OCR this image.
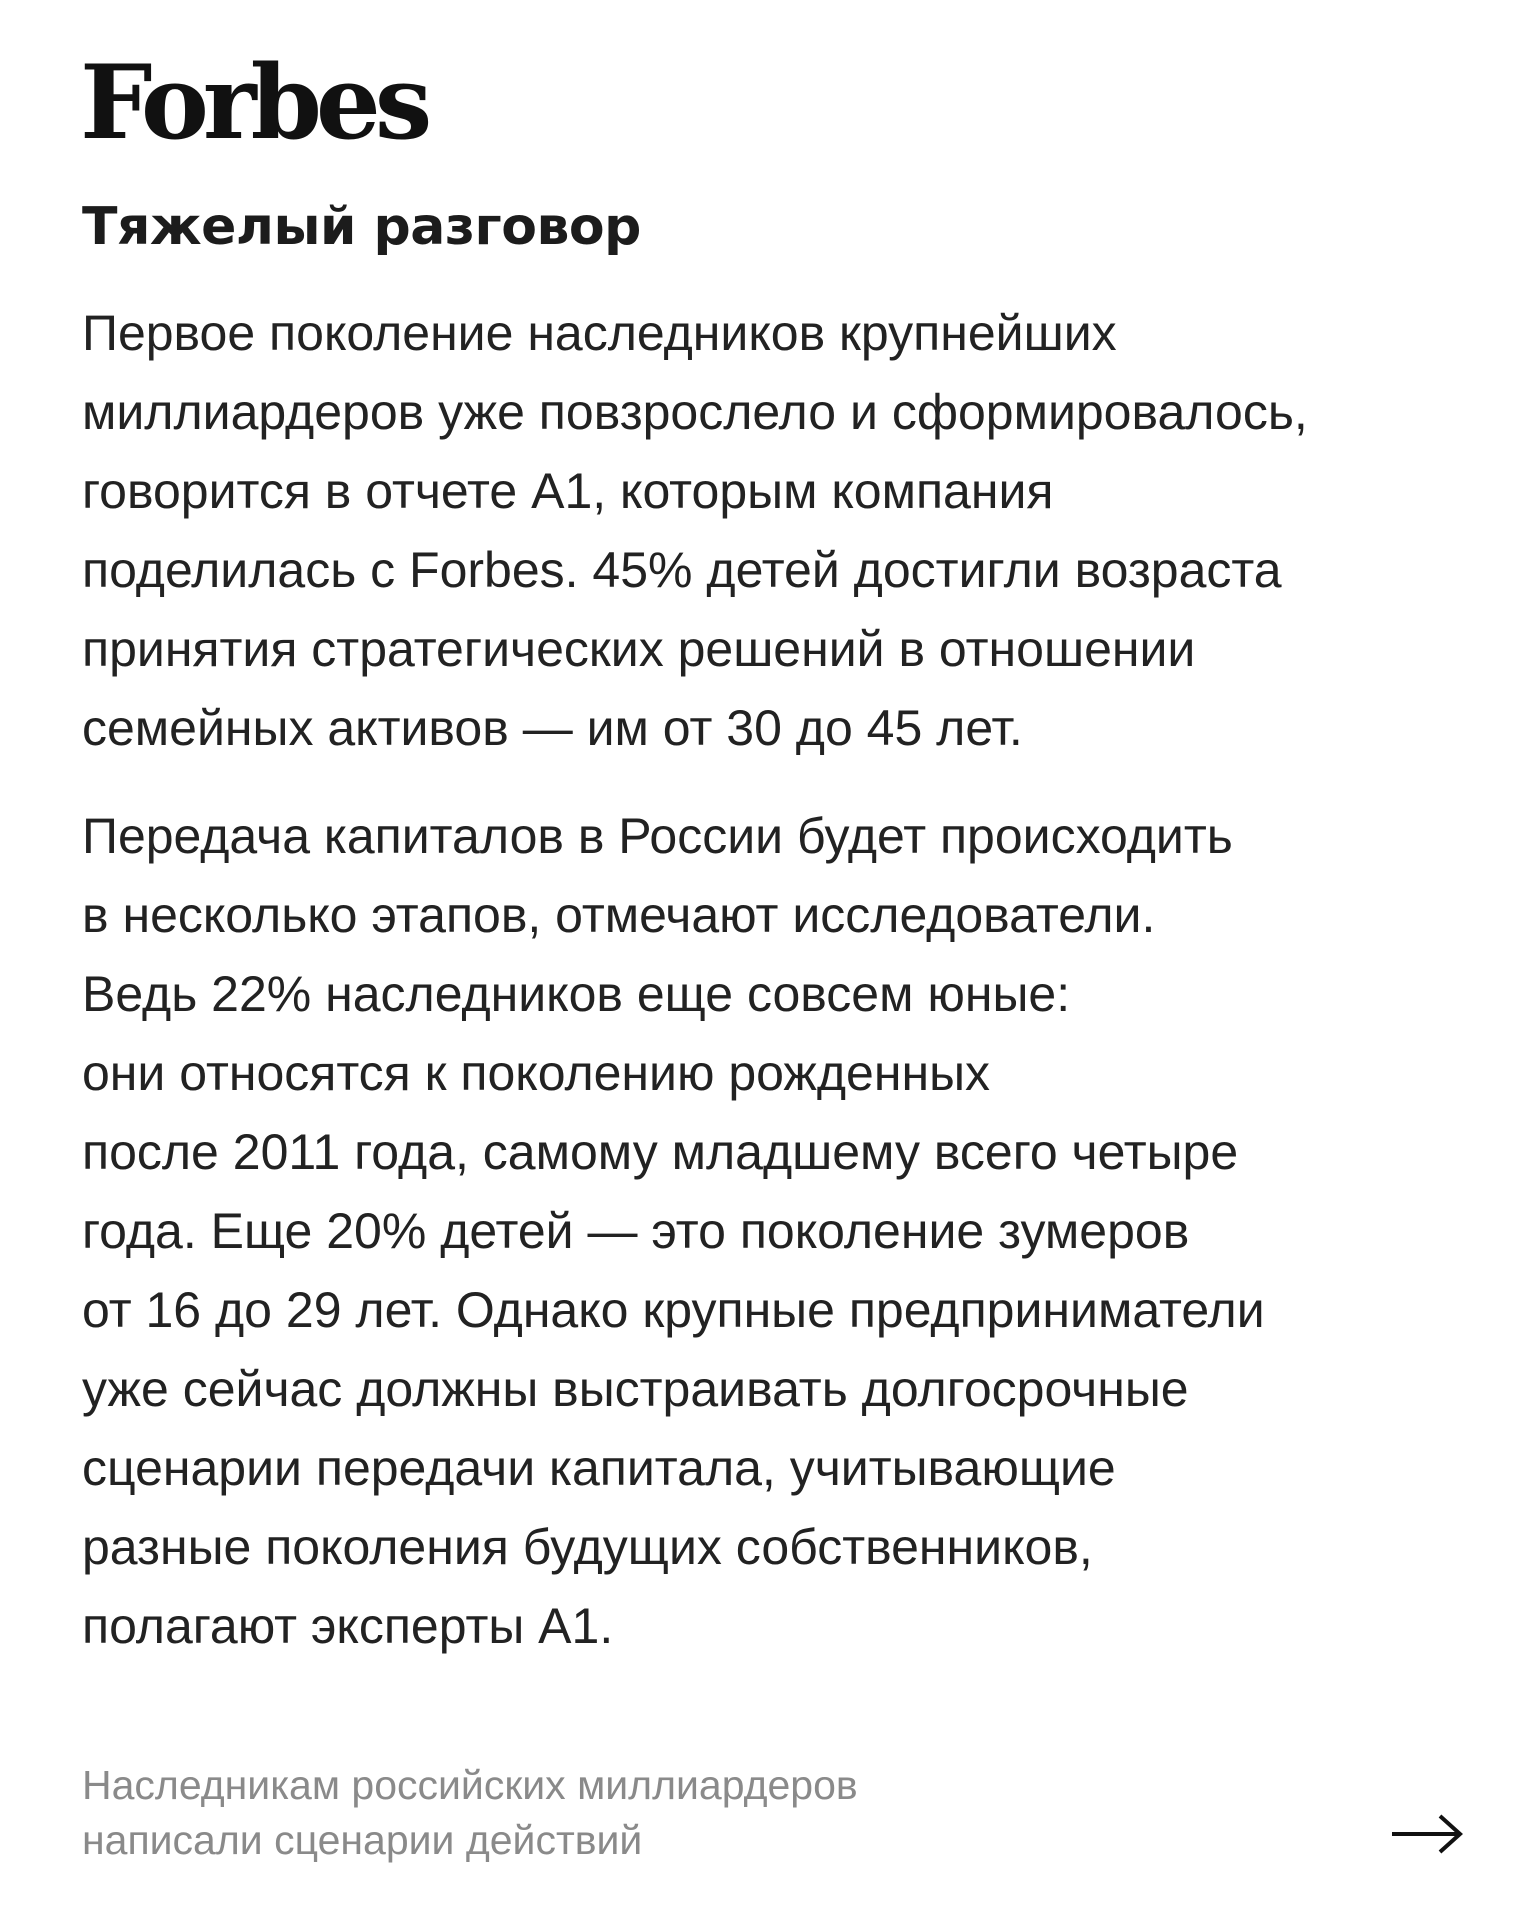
Forbes
Тяжелый разговор

Первое поколение наследников крупнейших
миллиардеров уже повзрослело и сформировалось,
говорится в отчете А1, которым компания
поделилась с Forbes. 45% детей достигли возраста
принятия стратегических решений в отношении
семейных активов — им от 30 до 45 лет.

Передача капиталов в России будет происходить
в несколько этапов, отмечают исследователи.
Ведь 22% наследников еще совсем юные:
они относятся к поколению рожденных
после 2011 года, самому младшему всего четыре
года. Еще 20% детей — это поколение зумеров
от 16 до 29 лет. Однако крупные предприниматели
уже сейчас должны выстраивать долгосрочные
сценарии передачи капитала, учитывающие
разные поколения будущих собственников,
полагают эксперты А1.

Наследникам российских миллиардеров
написали сценарии действий
